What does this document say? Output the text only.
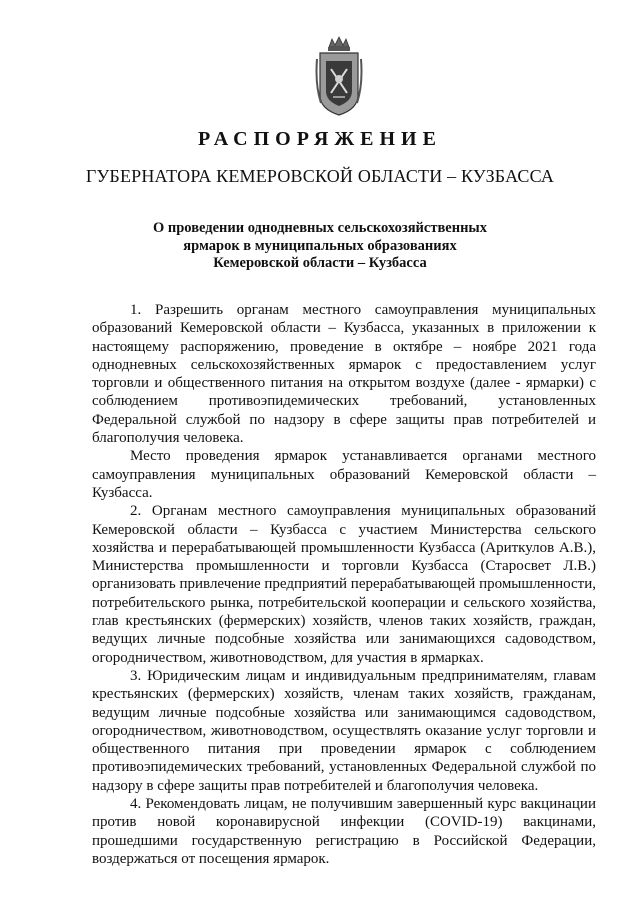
РАСПОРЯЖЕНИЕ
ГУБЕРНАТОРА КЕМЕРОВСКОЙ ОБЛАСТИ – КУЗБАССА
О проведении однодневных сельскохозяйственных
ярмарок в муниципальных образованиях
Кемеровской области – Кузбасса

1. Разрешить органам местного самоуправления муниципальных образований Кемеровской области – Кузбасса, указанных в приложении к настоящему распоряжению, проведение в октябре – ноябре 2021 года однодневных сельскохозяйственных ярмарок с предоставлением услуг торговли и общественного питания на открытом воздухе (далее - ярмарки) с соблюдением противоэпидемических требований, установленных Федеральной службой по надзору в сфере защиты прав потребителей и благополучия человека.

Место проведения ярмарок устанавливается органами местного самоуправления муниципальных образований Кемеровской области – Кузбасса.

2. Органам местного самоуправления муниципальных образований Кемеровской области – Кузбасса с участием Министерства сельского хозяйства и перерабатывающей промышленности Кузбасса (Ариткулов А.В.), Министерства промышленности и торговли Кузбасса (Старосвет Л.В.) организовать привлечение предприятий перерабатывающей промышленности, потребительского рынка, потребительской кооперации и сельского хозяйства, глав крестьянских (фермерских) хозяйств, членов таких хозяйств, граждан, ведущих личные подсобные хозяйства или занимающихся садоводством, огородничеством, животноводством, для участия в ярмарках.

3. Юридическим лицам и индивидуальным предпринимателям, главам крестьянских (фермерских) хозяйств, членам таких хозяйств, гражданам, ведущим личные подсобные хозяйства или занимающимся садоводством, огородничеством, животноводством, осуществлять оказание услуг торговли и общественного питания при проведении ярмарок с соблюдением противоэпидемических требований, установленных Федеральной службой по надзору в сфере защиты прав потребителей и благополучия человека.

4. Рекомендовать лицам, не получившим завершенный курс вакцинации против новой коронавирусной инфекции (COVID-19) вакцинами, прошедшими государственную регистрацию в Российской Федерации, воздержаться от посещения ярмарок.
